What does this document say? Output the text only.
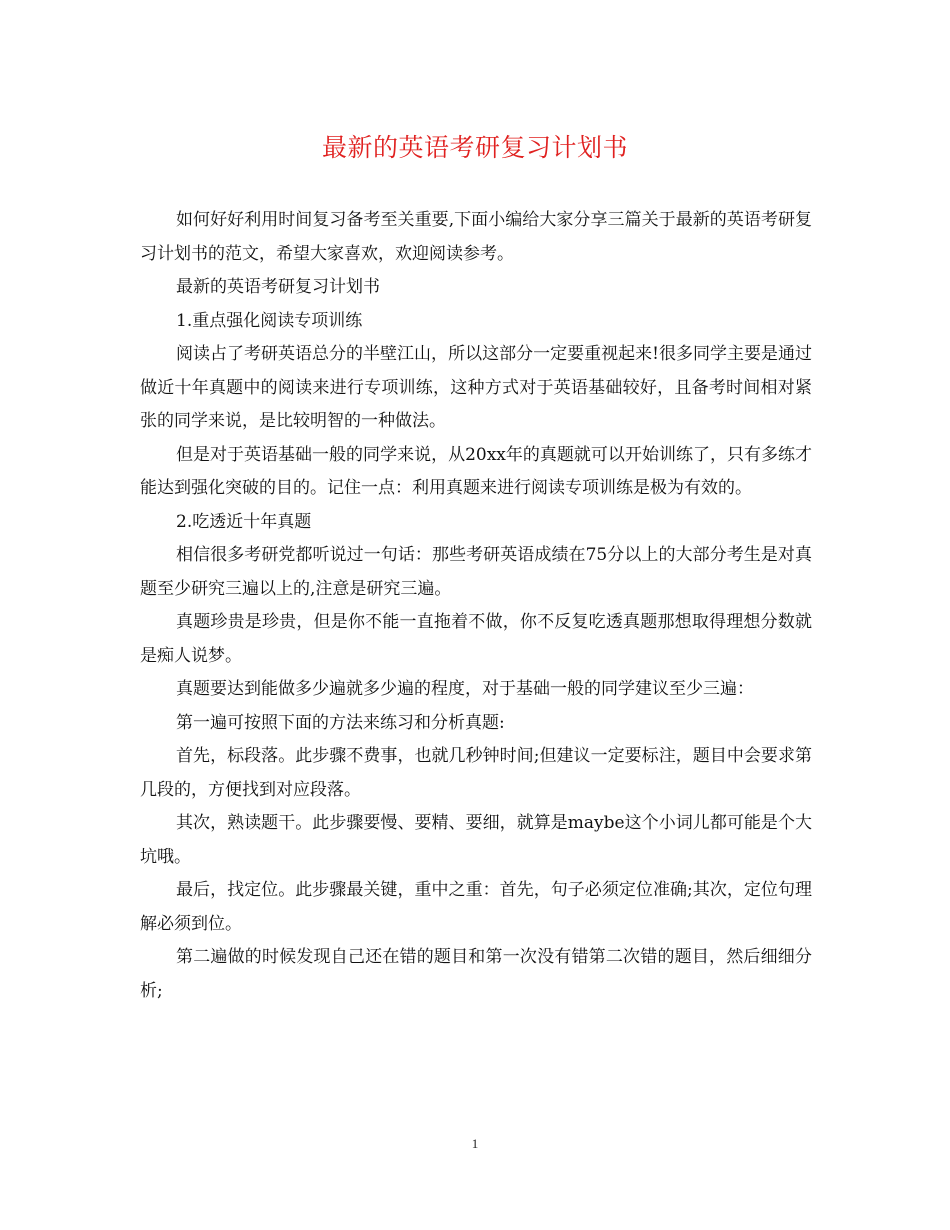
最新的英语考研复习计划书

如何好好利用时间复习备考至关重要,下面小编给大家分享三篇关于最新的英语考研复习计划书的范文，希望大家喜欢，欢迎阅读参考。

最新的英语考研复习计划书

1.重点强化阅读专项训练

阅读占了考研英语总分的半壁江山，所以这部分一定要重视起来!很多同学主要是通过做近十年真题中的阅读来进行专项训练，这种方式对于英语基础较好，且备考时间相对紧张的同学来说，是比较明智的一种做法。

但是对于英语基础一般的同学来说，从20xx年的真题就可以开始训练了，只有多练才能达到强化突破的目的。记住一点：利用真题来进行阅读专项训练是极为有效的。

2.吃透近十年真题

相信很多考研党都听说过一句话：那些考研英语成绩在75分以上的大部分考生是对真题至少研究三遍以上的,注意是研究三遍。

真题珍贵是珍贵，但是你不能一直拖着不做，你不反复吃透真题那想取得理想分数就是痴人说梦。

真题要达到能做多少遍就多少遍的程度，对于基础一般的同学建议至少三遍：

第一遍可按照下面的方法来练习和分析真题:

首先，标段落。此步骤不费事，也就几秒钟时间;但建议一定要标注，题目中会要求第几段的，方便找到对应段落。

其次，熟读题干。此步骤要慢、要精、要细，就算是maybe这个小词儿都可能是个大坑哦。

最后，找定位。此步骤最关键，重中之重：首先，句子必须定位准确;其次，定位句理解必须到位。

第二遍做的时候发现自己还在错的题目和第一次没有错第二次错的题目，然后细细分析;

1
